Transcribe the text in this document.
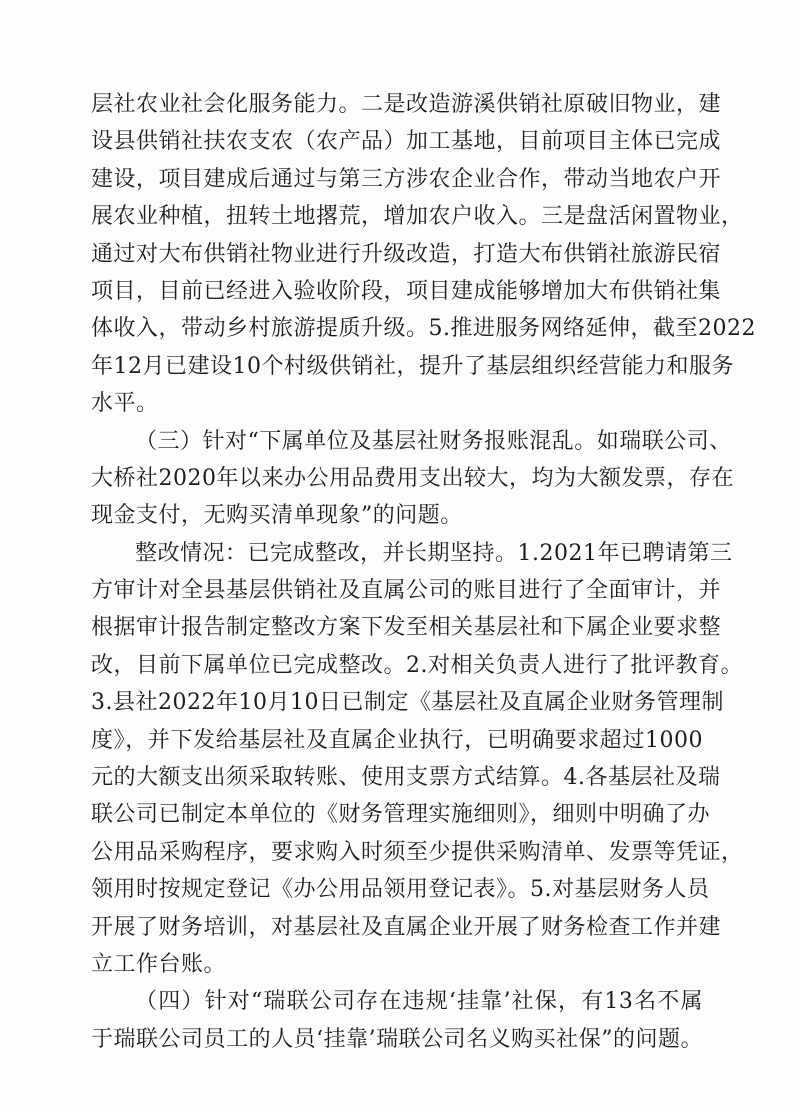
层社农业社会化服务能力。二是改造游溪供销社原破旧物业，建
设县供销社扶农支农（农产品）加工基地，目前项目主体已完成
建设，项目建成后通过与第三方涉农企业合作，带动当地农户开
展农业种植，扭转土地撂荒，增加农户收入。三是盘活闲置物业，
通过对大布供销社物业进行升级改造，打造大布供销社旅游民宿
项目，目前已经进入验收阶段，项目建成能够增加大布供销社集
体收入，带动乡村旅游提质升级。5.推进服务网络延伸，截至2022
年12月已建设10个村级供销社，提升了基层组织经营能力和服务
水平。
（三）针对“下属单位及基层社财务报账混乱。如瑞联公司、
大桥社2020年以来办公用品费用支出较大，均为大额发票，存在
现金支付，无购买清单现象”的问题。
整改情况：已完成整改，并长期坚持。1.2021年已聘请第三
方审计对全县基层供销社及直属公司的账目进行了全面审计，并
根据审计报告制定整改方案下发至相关基层社和下属企业要求整
改，目前下属单位已完成整改。2.对相关负责人进行了批评教育。
3.县社2022年10月10日已制定《基层社及直属企业财务管理制
度》，并下发给基层社及直属企业执行，已明确要求超过1000
元的大额支出须采取转账、使用支票方式结算。4.各基层社及瑞
联公司已制定本单位的《财务管理实施细则》，细则中明确了办
公用品采购程序，要求购入时须至少提供采购清单、发票等凭证，
领用时按规定登记《办公用品领用登记表》。5.对基层财务人员
开展了财务培训，对基层社及直属企业开展了财务检查工作并建
立工作台账。
（四）针对“瑞联公司存在违规‘挂靠’社保，有13名不属
于瑞联公司员工的人员‘挂靠’瑞联公司名义购买社保”的问题。
